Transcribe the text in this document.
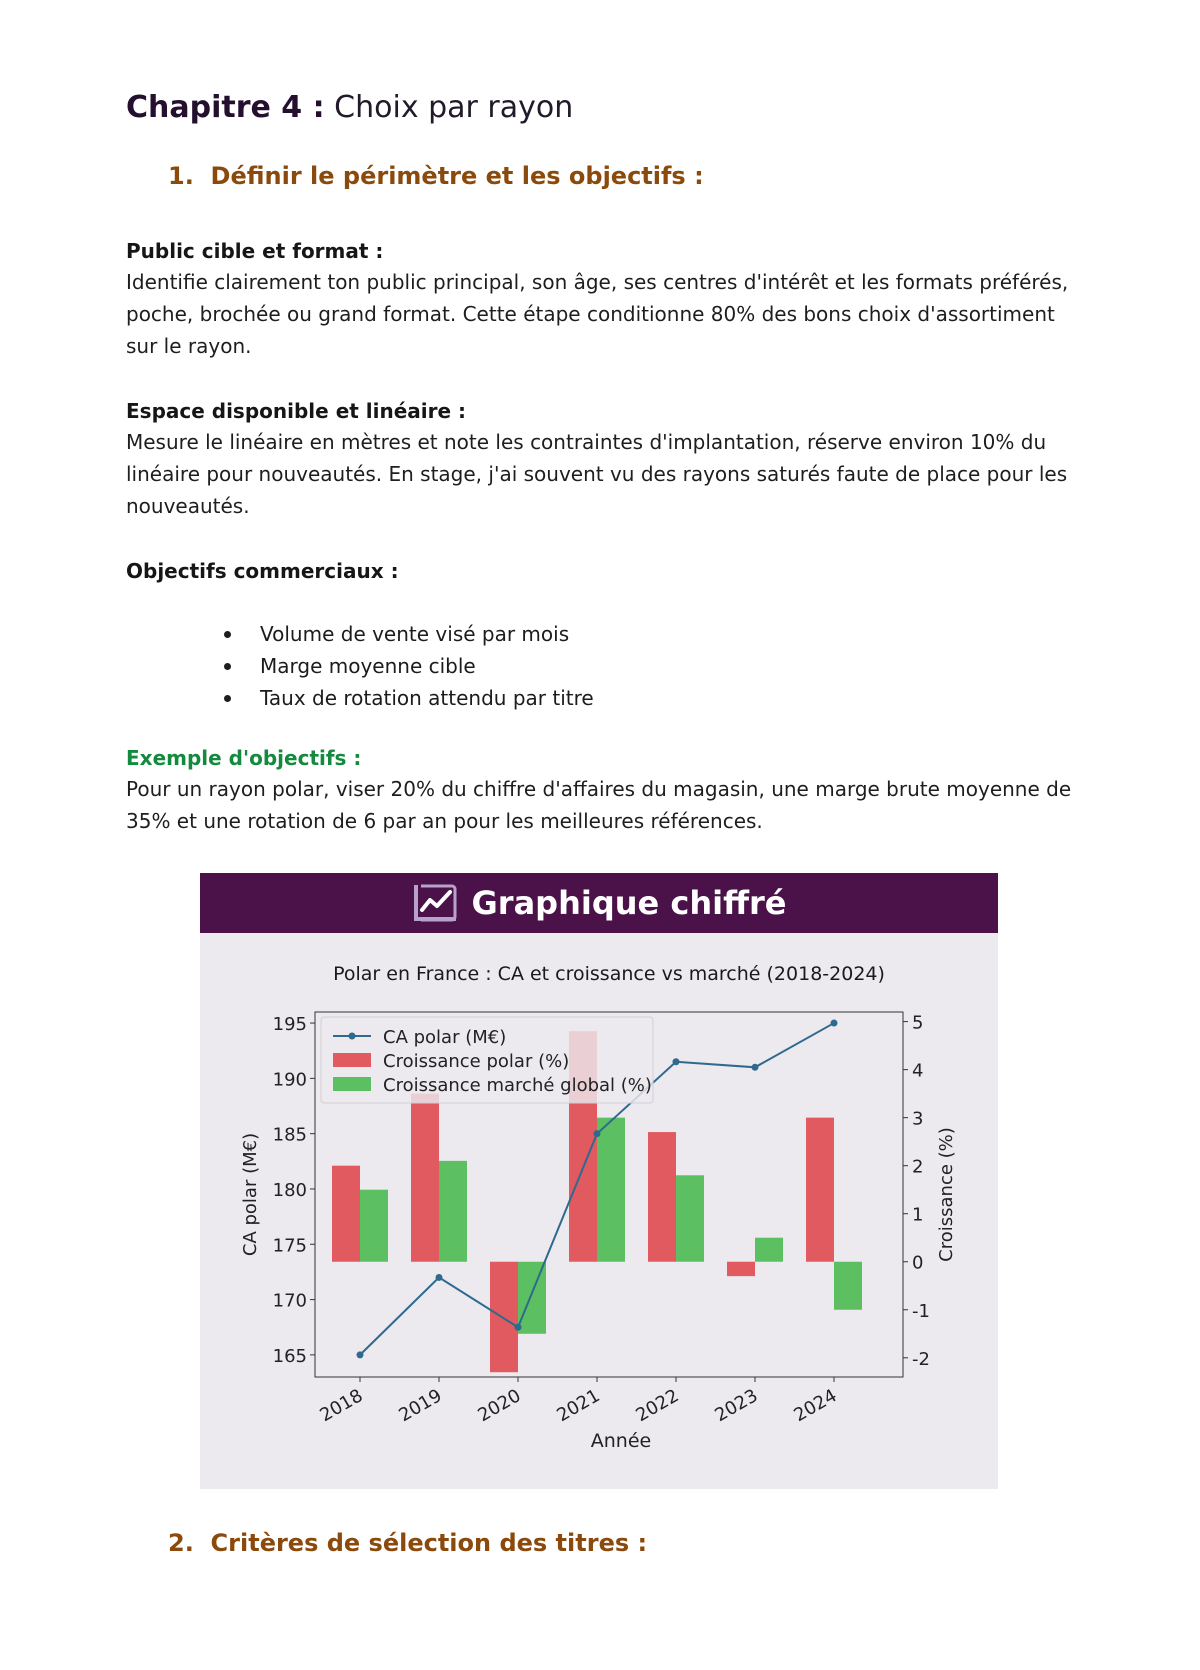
Chapitre 4 : Choix par rayon
1. Définir le périmètre et les objectifs :
Public cible et format :

Identifie clairement ton public principal, son âge, ses centres d'intérêt et les formats préférés, poche, brochée ou grand format. Cette étape conditionne 80% des bons choix d'assortiment sur le rayon.

Espace disponible et linéaire :

Mesure le linéaire en mètres et note les contraintes d'implantation, réserve environ 10% du linéaire pour nouveautés. En stage, j'ai souvent vu des rayons saturés faute de place pour les nouveautés.

Objectifs commerciaux :
Volume de vente visé par mois
Marge moyenne cible
Taux de rotation attendu par titre
Exemple d'objectifs :

Pour un rayon polar, viser 20% du chiffre d'affaires du magasin, une marge brute moyenne de 35% et une rotation de 6 par an pour les meilleures références.

Graphique chiffré
Polar en France : CA et croissance vs marché (2018-2024)
165
170
175
180
185
190
195
-2
-1
0
1
2
3
4
5
2018 2019 2020 2021 2022 2023 2024
Année
CA polar (M€)	Croissance (%)
CA polar (M€)
Croissance polar (%)
Croissance marché global (%)
2. Critères de sélection des titres :
